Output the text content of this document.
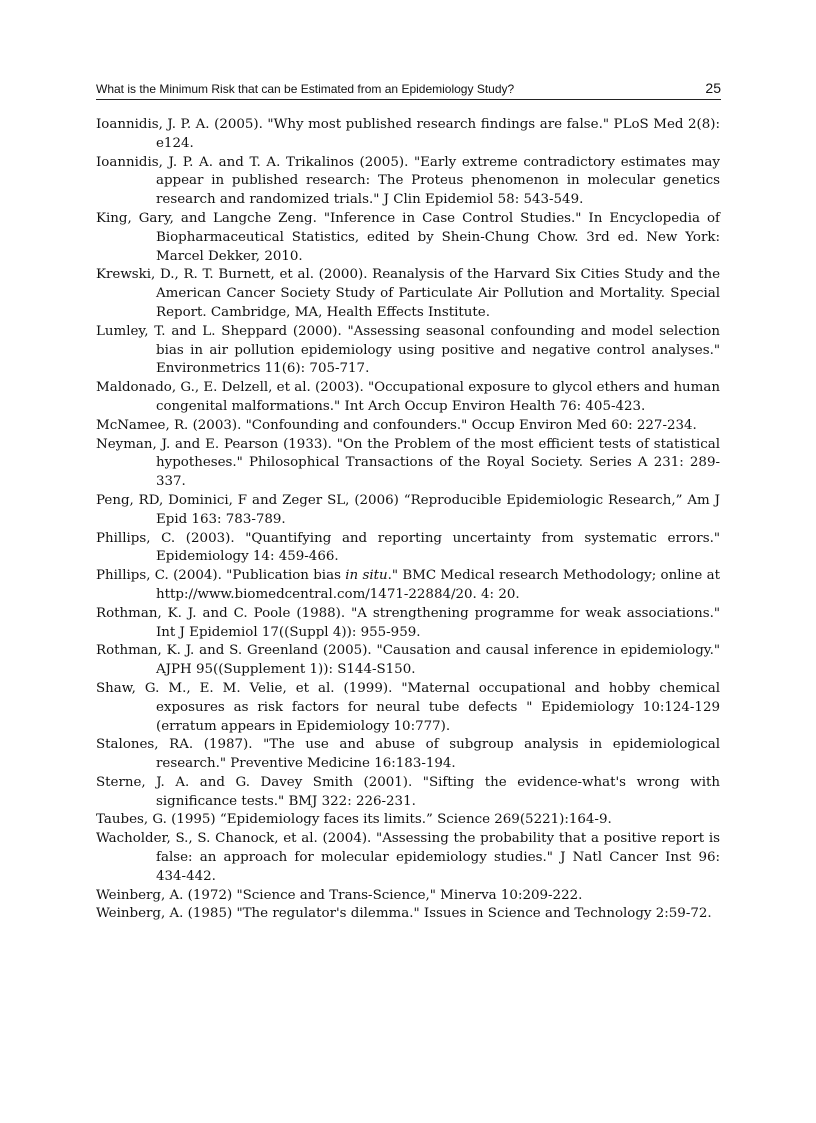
What is the Minimum Risk that can be Estimated from an Epidemiology Study?	25
Ioannidis, J. P. A. (2005). "Why most published research findings are false." PLoS Med 2(8): e124.
Ioannidis, J. P. A. and T. A. Trikalinos (2005). "Early extreme contradictory estimates may appear in published research: The Proteus phenomenon in molecular genetics research and randomized trials." J Clin Epidemiol 58: 543-549.
King, Gary, and Langche Zeng. "Inference in Case Control Studies." In Encyclopedia of Biopharmaceutical Statistics, edited by Shein-Chung Chow. 3rd ed. New York: Marcel Dekker, 2010.
Krewski, D., R. T. Burnett, et al. (2000). Reanalysis of the Harvard Six Cities Study and the American Cancer Society Study of Particulate Air Pollution and Mortality. Special Report. Cambridge, MA, Health Effects Institute.
Lumley, T. and L. Sheppard (2000). "Assessing seasonal confounding and model selection bias in air pollution epidemiology using positive and negative control analyses." Environmetrics 11(6): 705-717.
Maldonado, G., E. Delzell, et al. (2003). "Occupational exposure to glycol ethers and human congenital malformations." Int Arch Occup Environ Health 76: 405-423.
McNamee, R. (2003). "Confounding and confounders." Occup Environ Med 60: 227-234.
Neyman, J. and E. Pearson (1933). "On the Problem of the most efficient tests of statistical hypotheses." Philosophical Transactions of the Royal Society. Series A 231: 289-337.
Peng, RD, Dominici, F and Zeger SL, (2006) “Reproducible Epidemiologic Research,” Am J Epid 163: 783-789.
Phillips, C. (2003). "Quantifying and reporting uncertainty from systematic errors." Epidemiology 14: 459-466.
Phillips, C. (2004). "Publication bias in situ." BMC Medical research Methodology; online at http://www.biomedcentral.com/1471-22884/20. 4: 20.
Rothman, K. J. and C. Poole (1988). "A strengthening programme for weak associations." Int J Epidemiol 17((Suppl 4)): 955-959.
Rothman, K. J. and S. Greenland (2005). "Causation and causal inference in epidemiology." AJPH 95((Supplement 1)): S144-S150.
Shaw, G. M., E. M. Velie, et al. (1999). "Maternal occupational and hobby chemical exposures as risk factors for neural tube defects " Epidemiology 10:124-129 (erratum appears in Epidemiology 10:777).
Stalones, RA. (1987). "The use and abuse of subgroup analysis in epidemiological research." Preventive Medicine 16:183-194.
Sterne, J. A. and G. Davey Smith (2001). "Sifting the evidence-what's wrong with significance tests." BMJ 322: 226-231.
Taubes, G. (1995) “Epidemiology faces its limits.” Science 269(5221):164-9.
Wacholder, S., S. Chanock, et al. (2004). "Assessing the probability that a positive report is false: an approach for molecular epidemiology studies." J Natl Cancer Inst 96: 434-442.
Weinberg, A. (1972) "Science and Trans-Science," Minerva 10:209-222.
Weinberg, A. (1985) "The regulator's dilemma." Issues in Science and Technology 2:59-72.
